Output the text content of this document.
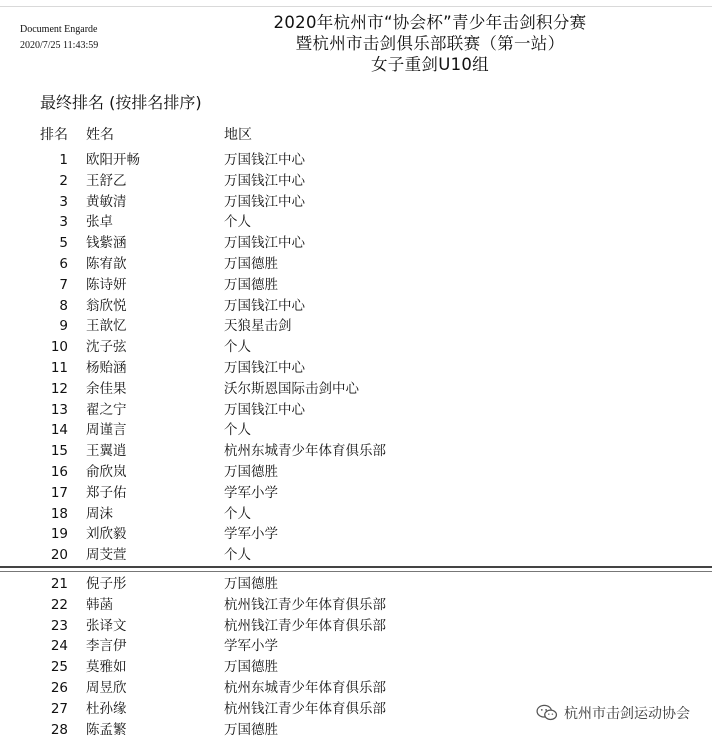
Document Engarde
2020/7/25 11:43:59
2020年杭州市“协会杯”青少年击剑积分赛
暨杭州市击剑俱乐部联赛（第一站）
女子重剑U10组
最终排名 (按排名排序)
排名 姓名	地区
1 欧阳开畅	万国钱江中心
2 王舒乙	万国钱江中心
3 黄敏清	万国钱江中心
3 张卓	个人
5 钱紫涵	万国钱江中心
6 陈宥歆	万国德胜
7 陈诗妍	万国德胜
8 翁欣悦	万国钱江中心
9 王歆忆	天狼星击剑
10 沈子弦	个人
11 杨贻涵	万国钱江中心
12 余佳果	沃尔斯恩国际击剑中心
13 翟之宁	万国钱江中心
14 周谨言	个人
15 王翼逍	杭州东城青少年体育俱乐部
16 俞欣岚	万国德胜
17 郑子佑	学军小学
18 周沫	个人
19 刘欣毅	学军小学
20 周芠萱	个人
21 倪子彤	万国德胜
22 韩菡	杭州钱江青少年体育俱乐部
23 张译文	杭州钱江青少年体育俱乐部
24 李言伊	学军小学
25 莫雅如	万国德胜
26 周昱欣	杭州东城青少年体育俱乐部
27 杜孙缘	杭州钱江青少年体育俱乐部
28 陈孟繁	万国德胜
杭州市击剑运动协会
